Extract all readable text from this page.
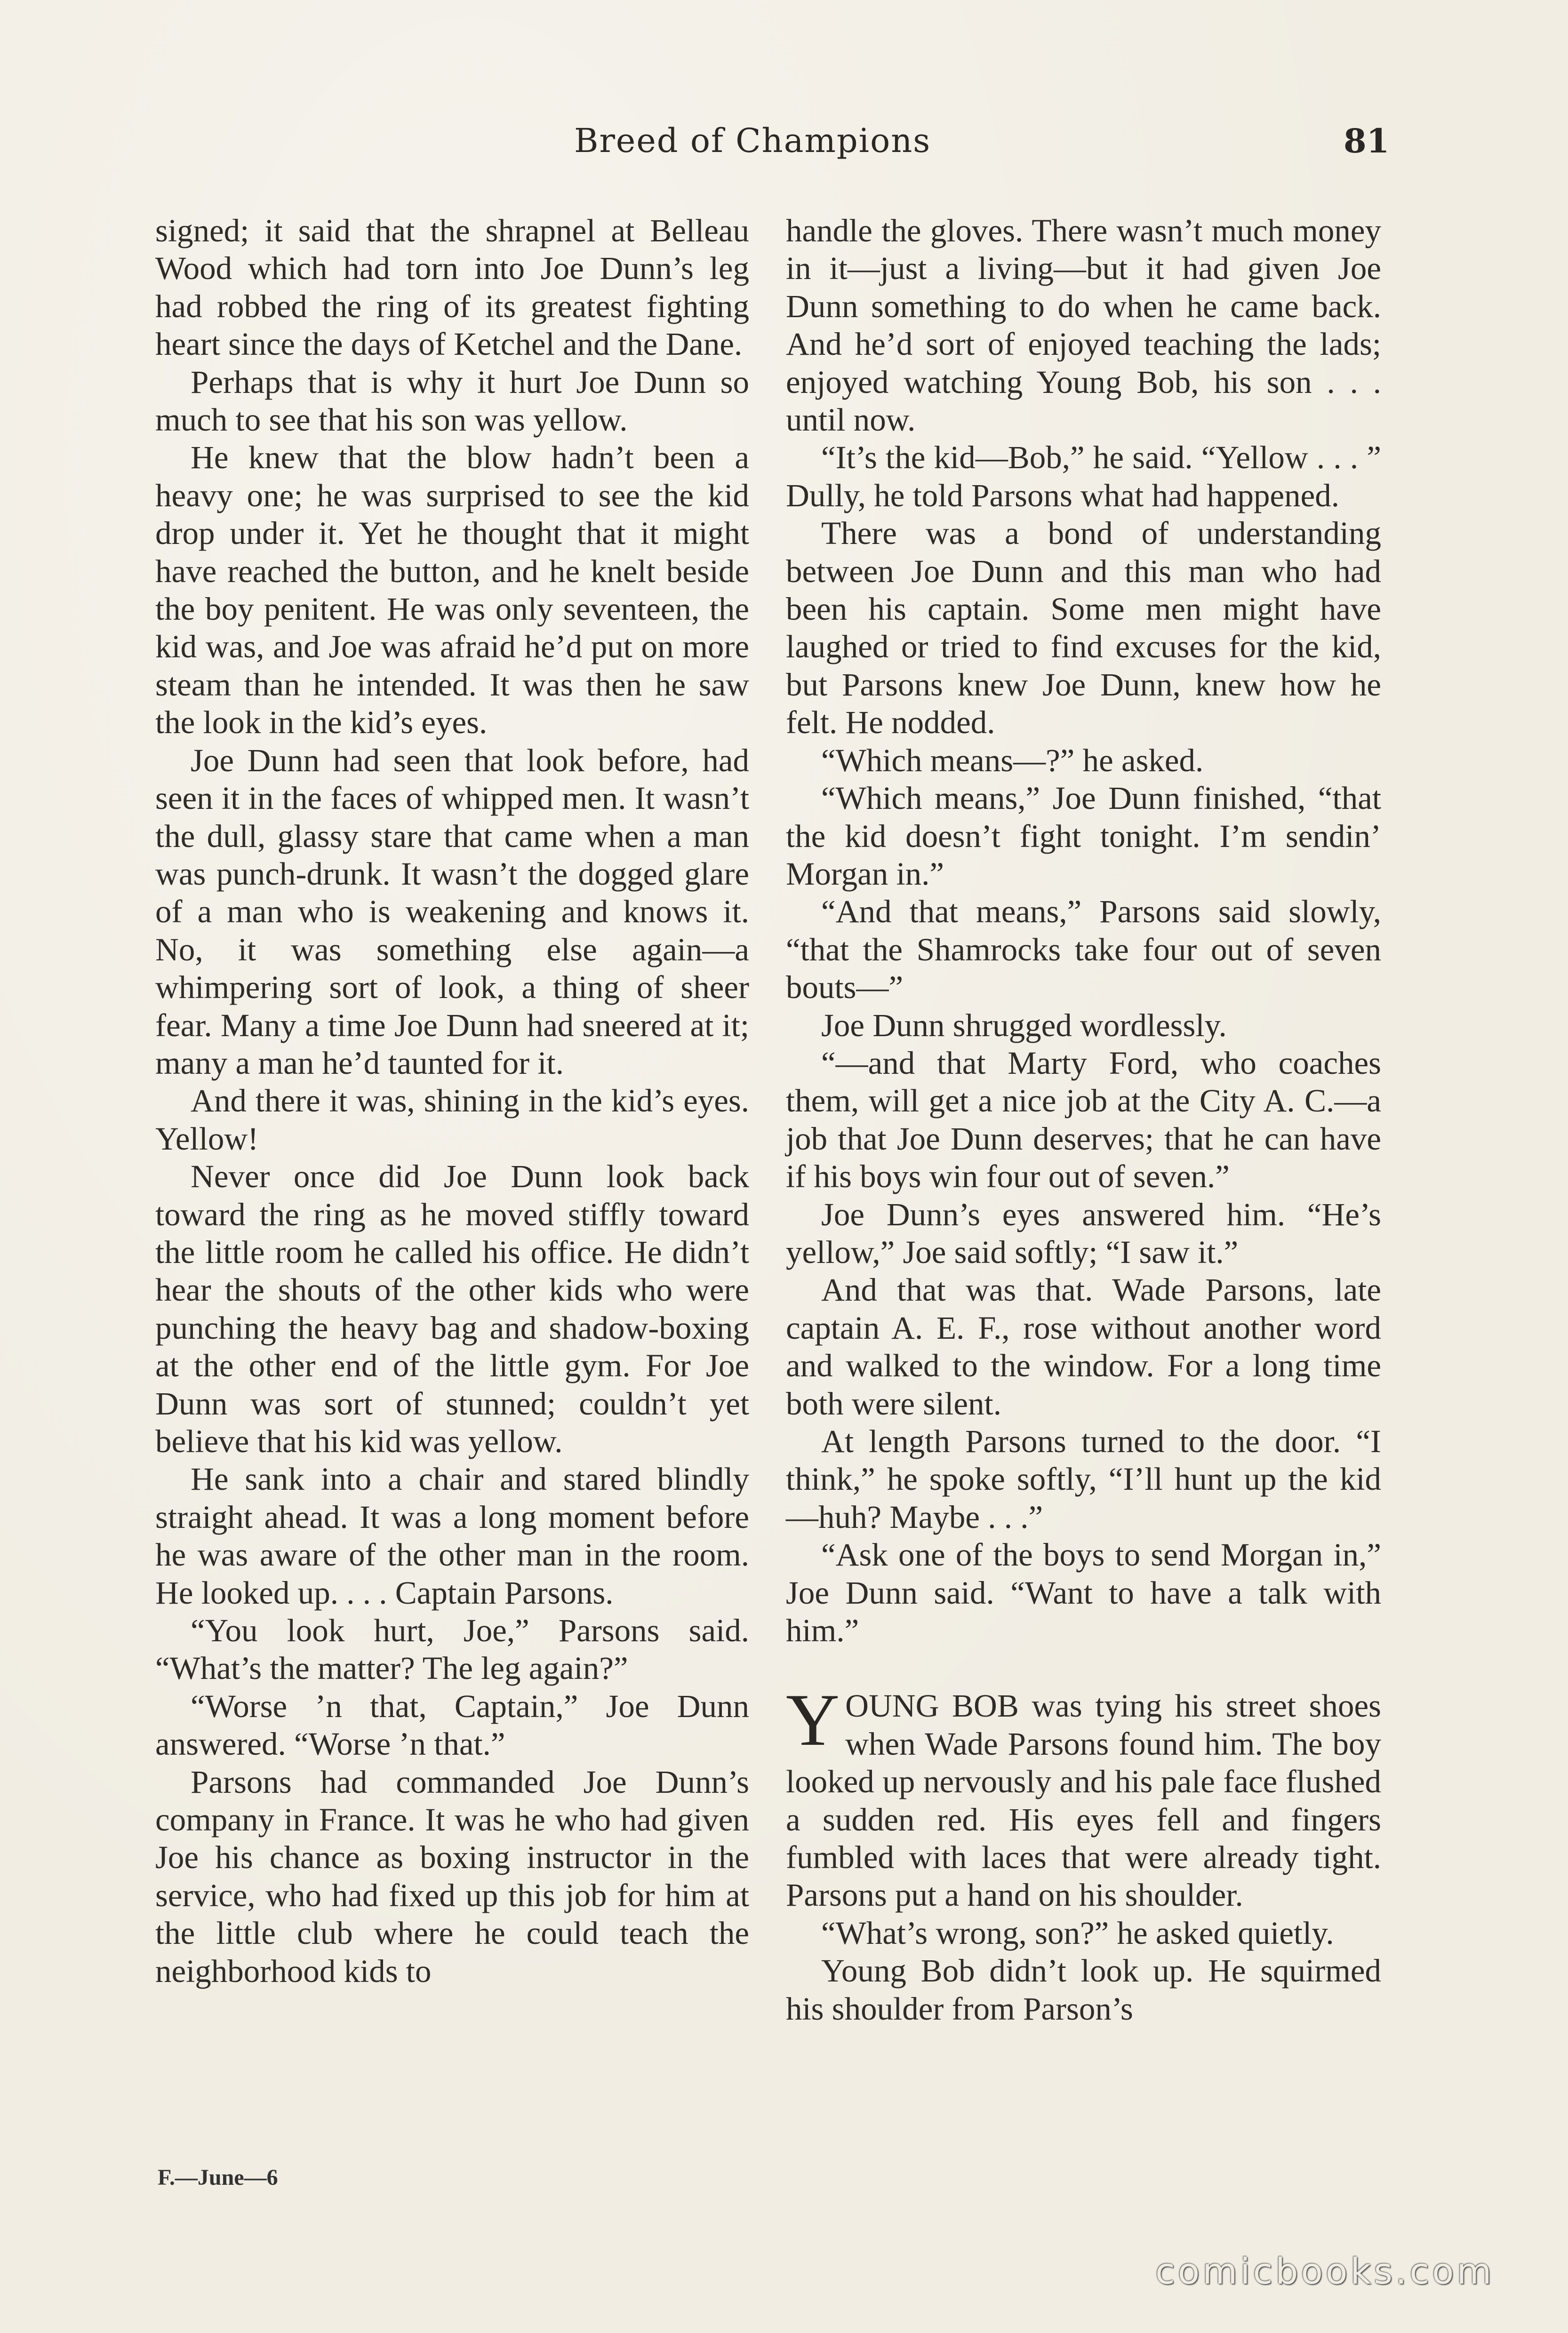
Breed of Champions	81

signed; it said that the shrapnel at Belleau Wood which had torn into Joe Dunn’s leg had robbed the ring of its greatest fighting heart since the days of Ketchel and the Dane.

Perhaps that is why it hurt Joe Dunn so much to see that his son was yellow.

He knew that the blow hadn’t been a heavy one; he was surprised to see the kid drop under it. Yet he thought that it might have reached the button, and he knelt beside the boy penitent. He was only seventeen, the kid was, and Joe was afraid he’d put on more steam than he intended. It was then he saw the look in the kid’s eyes.

Joe Dunn had seen that look before, had seen it in the faces of whipped men. It wasn’t the dull, glassy stare that came when a man was punch-drunk. It wasn’t the dogged glare of a man who is weakening and knows it. No, it was something else again—a whimpering sort of look, a thing of sheer fear. Many a time Joe Dunn had sneered at it; many a man he’d taunted for it.

And there it was, shining in the kid’s eyes. Yellow!

Never once did Joe Dunn look back toward the ring as he moved stiffly toward the little room he called his office. He didn’t hear the shouts of the other kids who were punching the heavy bag and shadow-boxing at the other end of the little gym. For Joe Dunn was sort of stunned; couldn’t yet believe that his kid was yellow.

He sank into a chair and stared blindly straight ahead. It was a long moment before he was aware of the other man in the room. He looked up. . . . Captain Parsons.

“You look hurt, Joe,” Parsons said. “What’s the matter? The leg again?”

“Worse ’n that, Captain,” Joe Dunn answered. “Worse ’n that.”

Parsons had commanded Joe Dunn’s company in France. It was he who had given Joe his chance as boxing instructor in the service, who had fixed up this job for him at the little club where he could teach the neighborhood kids to

handle the gloves. There wasn’t much money in it—just a living—but it had given Joe Dunn something to do when he came back. And he’d sort of enjoyed teaching the lads; enjoyed watching Young Bob, his son . . . until now.

“It’s the kid—Bob,” he said. “Yellow . . . ” Dully, he told Parsons what had happened.

There was a bond of understanding between Joe Dunn and this man who had been his captain. Some men might have laughed or tried to find excuses for the kid, but Parsons knew Joe Dunn, knew how he felt. He nodded.

“Which means—?” he asked.

“Which means,” Joe Dunn finished, “that the kid doesn’t fight tonight. I’m sendin’ Morgan in.”

“And that means,” Parsons said slowly, “that the Shamrocks take four out of seven bouts—”

Joe Dunn shrugged wordlessly.

“—and that Marty Ford, who coaches them, will get a nice job at the City A. C.—a job that Joe Dunn deserves; that he can have if his boys win four out of seven.”

Joe Dunn’s eyes answered him. “He’s yellow,” Joe said softly; “I saw it.”

And that was that. Wade Parsons, late captain A. E. F., rose without another word and walked to the window. For a long time both were silent.

At length Parsons turned to the door. “I think,” he spoke softly, “I’ll hunt up the kid—huh? Maybe . . .”

“Ask one of the boys to send Morgan in,” Joe Dunn said. “Want to have a talk with him.”

YOUNG BOB was tying his street shoes when Wade Parsons found him. The boy looked up nervously and his pale face flushed a sudden red. His eyes fell and fingers fumbled with laces that were already tight. Parsons put a hand on his shoulder.

“What’s wrong, son?” he asked quietly.

Young Bob didn’t look up. He squirmed his shoulder from Parson’s

F.—June—6
comicbooks.com
